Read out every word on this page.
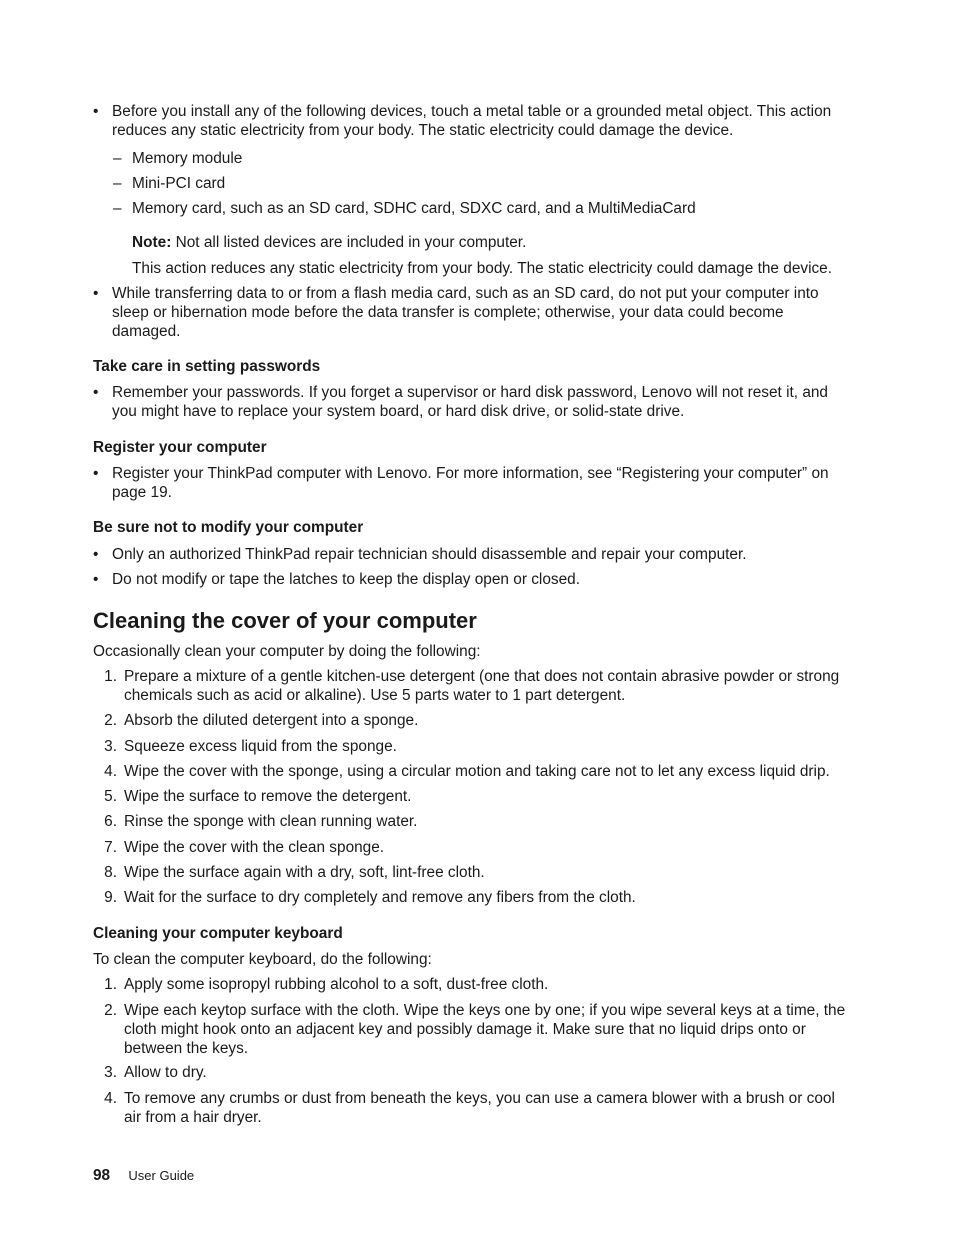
• Before you install any of the following devices, touch a metal table or a grounded metal object. This action reduces any static electricity from your body. The static electricity could damage the device.
– Memory module
– Mini-PCI card
– Memory card, such as an SD card, SDHC card, SDXC card, and a MultiMediaCard
Note: Not all listed devices are included in your computer.
This action reduces any static electricity from your body. The static electricity could damage the device.
• While transferring data to or from a flash media card, such as an SD card, do not put your computer into sleep or hibernation mode before the data transfer is complete; otherwise, your data could become damaged.
Take care in setting passwords
• Remember your passwords. If you forget a supervisor or hard disk password, Lenovo will not reset it, and you might have to replace your system board, or hard disk drive, or solid-state drive.
Register your computer
• Register your ThinkPad computer with Lenovo. For more information, see “Registering your computer” on page 19.
Be sure not to modify your computer
• Only an authorized ThinkPad repair technician should disassemble and repair your computer.
• Do not modify or tape the latches to keep the display open or closed.
Cleaning the cover of your computer
Occasionally clean your computer by doing the following:
1. Prepare a mixture of a gentle kitchen-use detergent (one that does not contain abrasive powder or strong chemicals such as acid or alkaline). Use 5 parts water to 1 part detergent.
2. Absorb the diluted detergent into a sponge.
3. Squeeze excess liquid from the sponge.
4. Wipe the cover with the sponge, using a circular motion and taking care not to let any excess liquid drip.
5. Wipe the surface to remove the detergent.
6. Rinse the sponge with clean running water.
7. Wipe the cover with the clean sponge.
8. Wipe the surface again with a dry, soft, lint-free cloth.
9. Wait for the surface to dry completely and remove any fibers from the cloth.
Cleaning your computer keyboard
To clean the computer keyboard, do the following:
1. Apply some isopropyl rubbing alcohol to a soft, dust-free cloth.
2. Wipe each keytop surface with the cloth. Wipe the keys one by one; if you wipe several keys at a time, the cloth might hook onto an adjacent key and possibly damage it. Make sure that no liquid drips onto or between the keys.
3. Allow to dry.
4. To remove any crumbs or dust from beneath the keys, you can use a camera blower with a brush or cool air from a hair dryer.
98 User Guide
